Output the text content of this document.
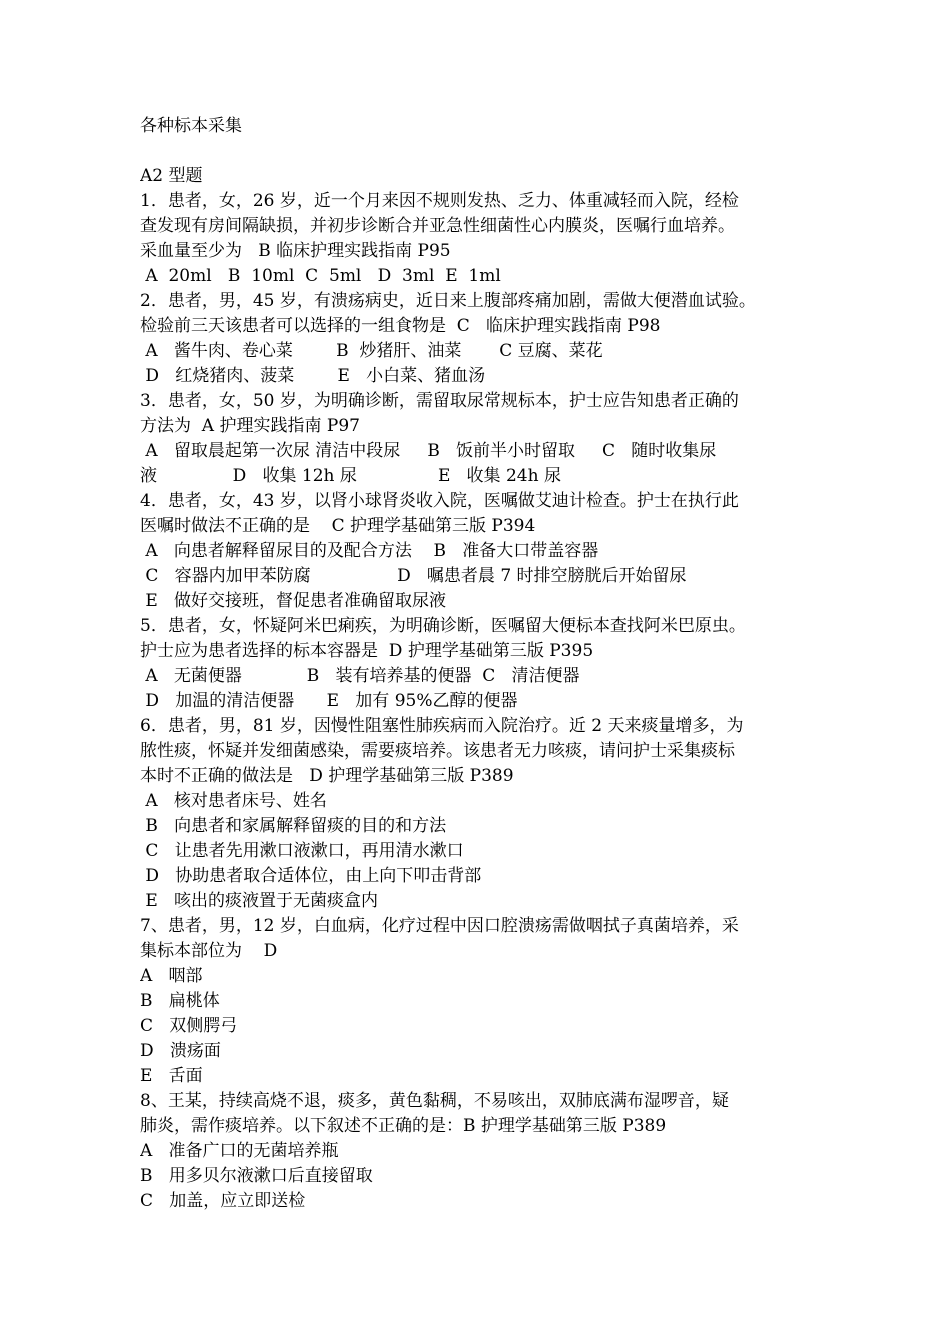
各种标本采集
A2 型题
1．患者，女，26 岁，近一个月来因不规则发热、乏力、体重减轻而入院，经检
查发现有房间隔缺损，并初步诊断合并亚急性细菌性心内膜炎，医嘱行血培养。
采血量至少为   B 临床护理实践指南 P95
A  20ml   B  10ml  C  5ml   D  3ml  E  1ml
2．患者，男，45 岁，有溃疡病史，近日来上腹部疼痛加剧，需做大便潜血试验。
检验前三天该患者可以选择的一组食物是  C   临床护理实践指南 P98
A   酱牛肉、卷心菜        B  炒猪肝、油菜       C 豆腐、菜花
D   红烧猪肉、菠菜        E   小白菜、猪血汤
3．患者，女，50 岁，为明确诊断，需留取尿常规标本，护士应告知患者正确的
方法为  A 护理实践指南 P97
A   留取晨起第一次尿 清洁中段尿     B   饭前半小时留取     C   随时收集尿
液              D   收集 12h 尿               E   收集 24h 尿
4．患者，女，43 岁，以肾小球肾炎收入院，医嘱做艾迪计检查。护士在执行此
医嘱时做法不正确的是    C 护理学基础第三版 P394
A   向患者解释留尿目的及配合方法    B   准备大口带盖容器
C   容器内加甲苯防腐                D   嘱患者晨 7 时排空膀胱后开始留尿
E   做好交接班，督促患者准确留取尿液
5．患者，女，怀疑阿米巴痢疾，为明确诊断，医嘱留大便标本查找阿米巴原虫。
护士应为患者选择的标本容器是  D 护理学基础第三版 P395
A   无菌便器            B   装有培养基的便器  C   清洁便器
D   加温的清洁便器      E   加有 95%乙醇的便器
6．患者，男，81 岁，因慢性阻塞性肺疾病而入院治疗。近 2 天来痰量增多，为
脓性痰，怀疑并发细菌感染，需要痰培养。该患者无力咳痰，请问护士采集痰标
本时不正确的做法是   D 护理学基础第三版 P389
A   核对患者床号、姓名
B   向患者和家属解释留痰的目的和方法
C   让患者先用漱口液漱口，再用清水漱口
D   协助患者取合适体位，由上向下叩击背部
E   咳出的痰液置于无菌痰盒内
7、患者，男，12 岁，白血病，化疗过程中因口腔溃疡需做咽拭子真菌培养，采
集标本部位为    D
A   咽部
B   扁桃体
C   双侧腭弓
D   溃疡面
E   舌面
8、王某，持续高烧不退，痰多，黄色黏稠，不易咳出，双肺底满布湿啰音，疑
肺炎，需作痰培养。以下叙述不正确的是：B 护理学基础第三版 P389
A   准备广口的无菌培养瓶
B   用多贝尔液漱口后直接留取
C   加盖，应立即送检
